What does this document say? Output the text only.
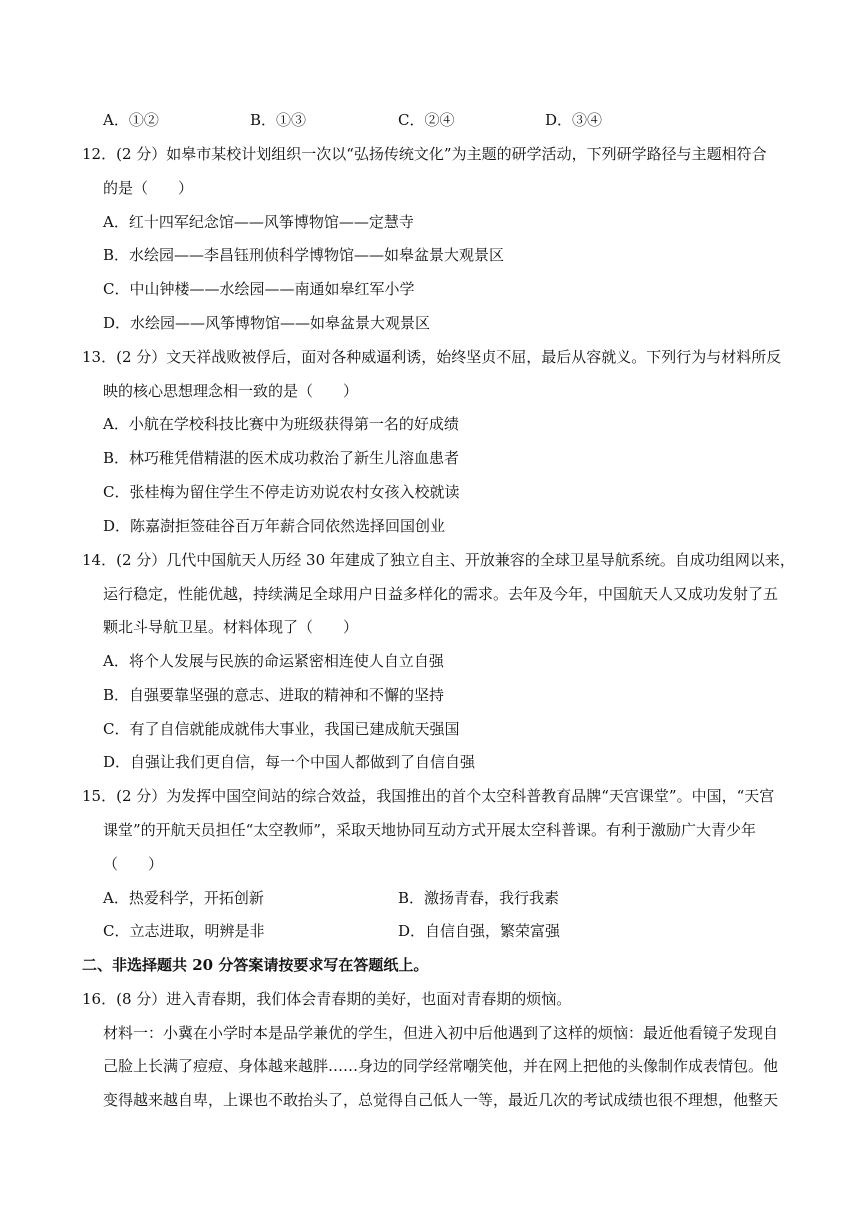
A．①②	B．①③	C．②④	D．③④
12．(2 分）如皋市某校计划组织一次以“弘扬传统文化”为主题的研学活动，下列研学路径与主题相符合
的是（　　）
A．红十四军纪念馆——风筝博物馆——定慧寺
B．水绘园——李昌钰刑侦科学博物馆——如皋盆景大观景区
C．中山钟楼——水绘园——南通如皋红军小学
D．水绘园——风筝博物馆——如皋盆景大观景区
13．(2 分）文天祥战败被俘后，面对各种威逼利诱，始终坚贞不屈，最后从容就义。下列行为与材料所反
映的核心思想理念相一致的是（　　）
A．小航在学校科技比赛中为班级获得第一名的好成绩
B．林巧稚凭借精湛的医术成功救治了新生儿溶血患者
C．张桂梅为留住学生不停走访劝说农村女孩入校就读
D．陈嘉澍拒签硅谷百万年薪合同依然选择回国创业
14．(2 分）几代中国航天人历经 30 年建成了独立自主、开放兼容的全球卫星导航系统。自成功组网以来，
运行稳定，性能优越，持续满足全球用户日益多样化的需求。去年及今年，中国航天人又成功发射了五
颗北斗导航卫星。材料体现了（　　）
A．将个人发展与民族的命运紧密相连使人自立自强
B．自强要靠坚强的意志、进取的精神和不懈的坚持
C．有了自信就能成就伟大事业，我国已建成航天强国
D．自强让我们更自信，每一个中国人都做到了自信自强
15．(2 分）为发挥中国空间站的综合效益，我国推出的首个太空科普教育品牌“天宫课堂”。中国，“天宫
课堂”的开航天员担任“太空教师”，采取天地协同互动方式开展太空科普课。有利于激励广大青少年
（　　）
A．热爱科学，开拓创新	B．激扬青春，我行我素
C．立志进取，明辨是非	D．自信自强，繁荣富强
二、非选择题共 20 分答案请按要求写在答题纸上。
16．(8 分）进入青春期，我们体会青春期的美好，也面对青春期的烦恼。
材料一：小冀在小学时本是品学兼优的学生，但进入初中后他遇到了这样的烦恼：最近他看镜子发现自
己脸上长满了痘痘、身体越来越胖……身边的同学经常嘲笑他，并在网上把他的头像制作成表情包。他
变得越来越自卑，上课也不敢抬头了，总觉得自己低人一等，最近几次的考试成绩也很不理想，他整天
